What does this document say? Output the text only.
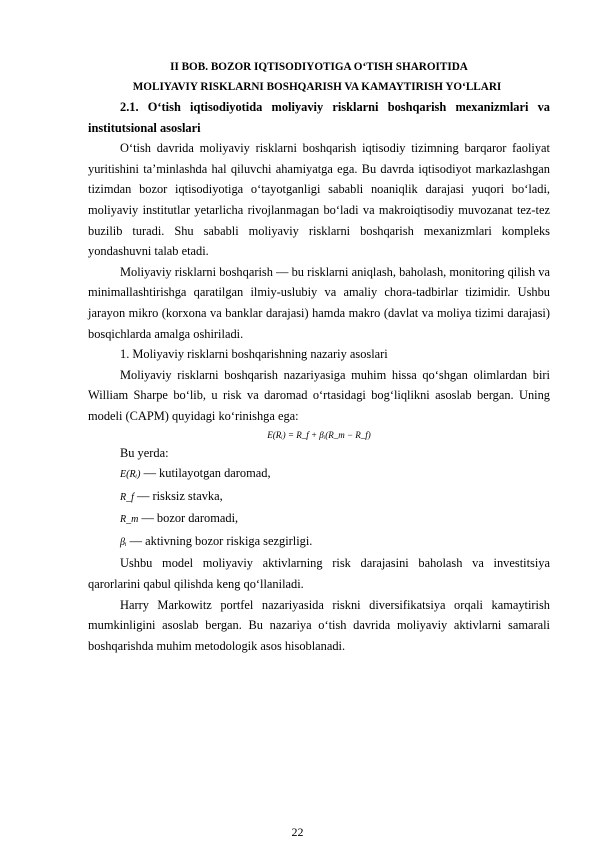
II BOB. BOZOR IQTISODIYOTIGA O‘TISH SHAROITIDA
MOLIYAVIY RISKLARNI BOSHQARISH VA KAMAYTIRISH YO‘LLARI
2.1. O‘tish iqtisodiyotida moliyaviy risklarni boshqarish mexanizmlari va institutsional asoslari

O‘tish davrida moliyaviy risklarni boshqarish iqtisodiy tizimning barqaror faoliyat yuritishini ta’minlashda hal qiluvchi ahamiyatga ega. Bu davrda iqtisodiyot markazlashgan tizimdan bozor iqtisodiyotiga o‘tayotganligi sababli noaniqlik darajasi yuqori bo‘ladi, moliyaviy institutlar yetarlicha rivojlanmagan bo‘ladi va makroiqtisodiy muvozanat tez-tez buzilib turadi. Shu sababli moliyaviy risklarni boshqarish mexanizmlari kompleks yondashuvni talab etadi.

Moliyaviy risklarni boshqarish — bu risklarni aniqlash, baholash, monitoring qilish va minimallashtirishga qaratilgan ilmiy-uslubiy va amaliy chora-tadbirlar tizimidir. Ushbu jarayon mikro (korxona va banklar darajasi) hamda makro (davlat va moliya tizimi darajasi) bosqichlarda amalga oshiriladi.

1. Moliyaviy risklarni boshqarishning nazariy asoslari

Moliyaviy risklarni boshqarish nazariyasiga muhim hissa qo‘shgan olimlardan biri William Sharpe bo‘lib, u risk va daromad o‘rtasidagi bog‘liqlikni asoslab bergan. Uning modeli (CAPM) quyidagi ko‘rinishga ega:

E(Rᵢ) = R_f + βᵢ(R_m − R_f)

Bu yerda:

E(Rᵢ) — kutilayotgan daromad,
R_f — risksiz stavka,
R_m — bozor daromadi,
βᵢ — aktivning bozor riskiga sezgirligi.

Ushbu model moliyaviy aktivlarning risk darajasini baholash va investitsiya qarorlarini qabul qilishda keng qo‘llaniladi.

Harry Markowitz portfel nazariyasida riskni diversifikatsiya orqali kamaytirish mumkinligini asoslab bergan. Bu nazariya o‘tish davrida moliyaviy aktivlarni samarali boshqarishda muhim metodologik asos hisoblanadi.

22
